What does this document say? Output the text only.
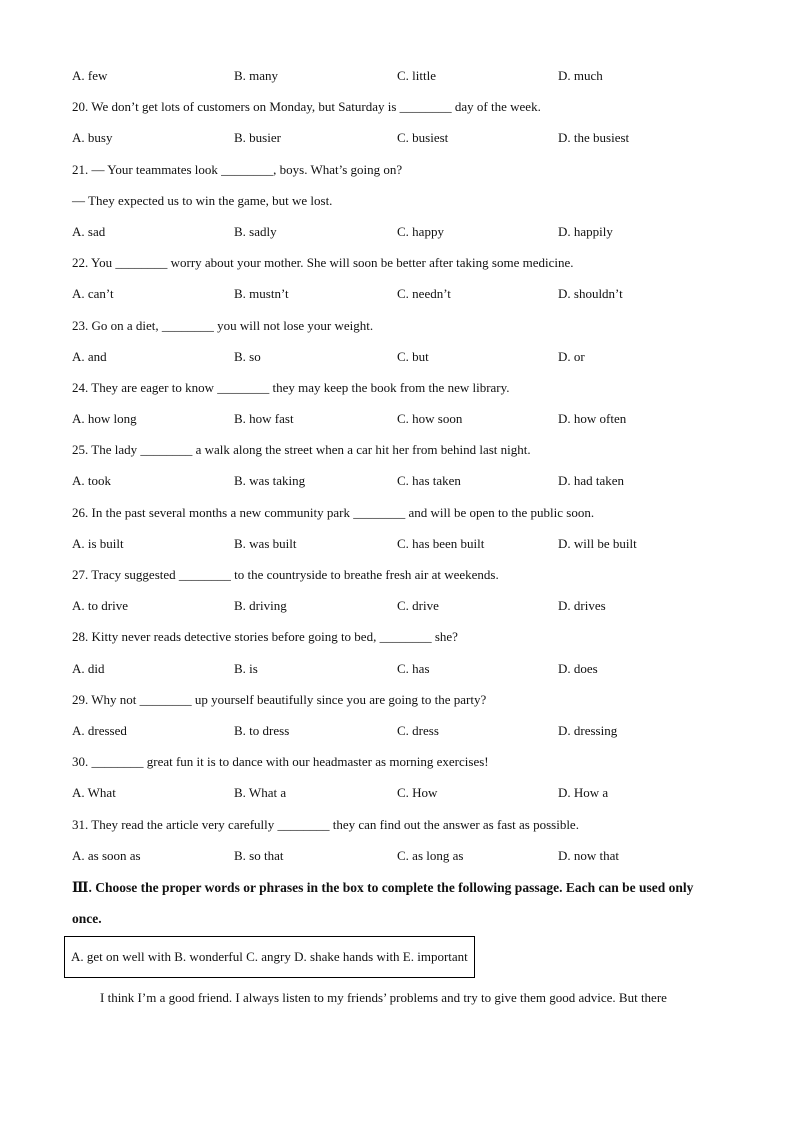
A. few	B. many	C. little	D. much
20. We don’t get lots of customers on Monday, but Saturday is ________ day of the week.
A. busy	B. busier	C. busiest	D. the busiest
21. — Your teammates look ________, boys. What’s going on?
— They expected us to win the game, but we lost.
A. sad	B. sadly	C. happy	D. happily
22. You ________ worry about your mother. She will soon be better after taking some medicine.
A. can’t	B. mustn’t	C. needn’t	D. shouldn’t
23. Go on a diet, ________ you will not lose your weight.
A. and	B. so	C. but	D. or
24. They are eager to know ________ they may keep the book from the new library.
A. how long	B. how fast	C. how soon	D. how often
25. The lady ________ a walk along the street when a car hit her from behind last night.
A. took	B. was taking	C. has taken	D. had taken
26. In the past several months a new community park ________ and will be open to the public soon.
A. is built	B. was built	C. has been built	D. will be built
27. Tracy suggested ________ to the countryside to breathe fresh air at weekends.
A. to drive	B. driving	C. drive	D. drives
28. Kitty never reads detective stories before going to bed, ________ she?
A. did	B. is	C. has	D. does
29. Why not ________ up yourself beautifully since you are going to the party?
A. dressed	B. to dress	C. dress	D. dressing
30. ________ great fun it is to dance with our headmaster as morning exercises!
A. What	B. What a	C. How	D. How a
31. They read the article very carefully ________ they can find out the answer as fast as possible.
A. as soon as	B. so that	C. as long as	D. now that
Ⅲ. Choose the proper words or phrases in the box to complete the following passage. Each can be used only once.
A. get on well with B. wonderful C. angry D. shake hands with E. important
I think I’m a good friend. I always listen to my friends’ problems and try to give them good advice. But there
